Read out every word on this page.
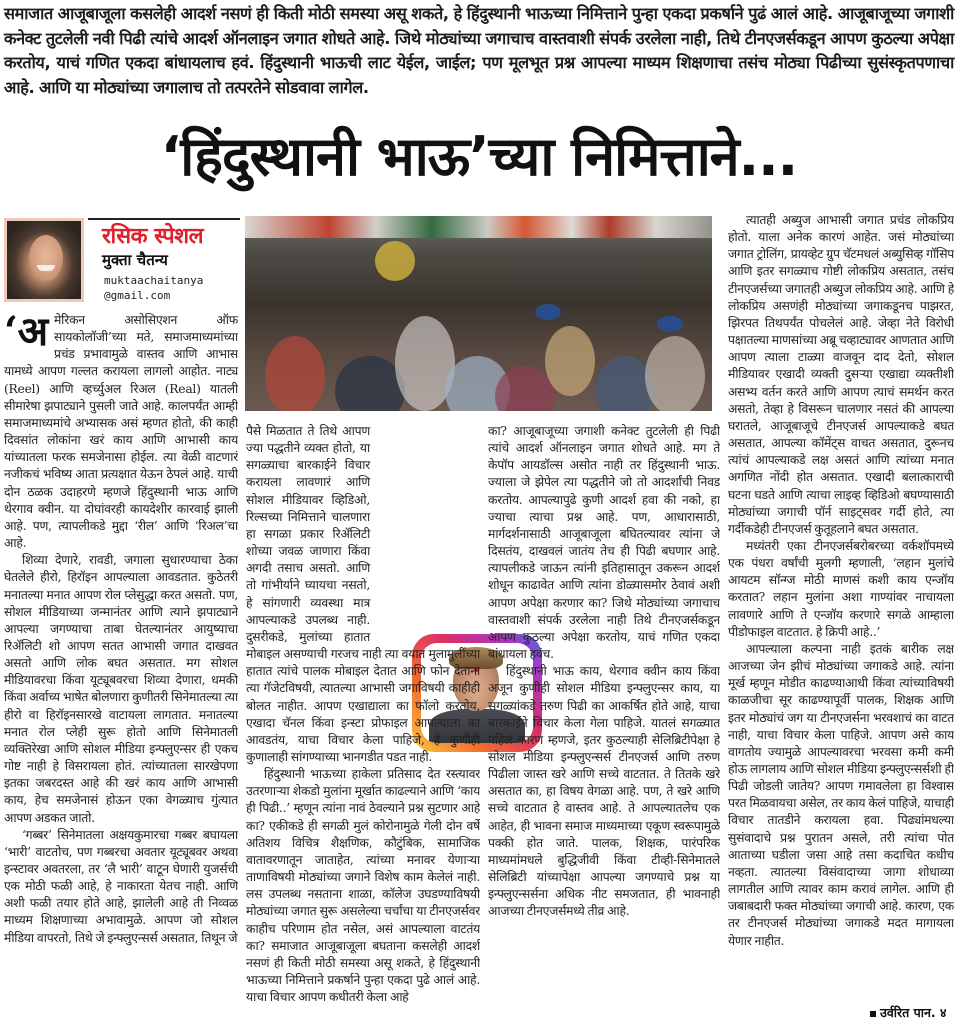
समाजात आजूबाजूला कसलेही आदर्श नसणं ही किती मोठी समस्या असू शकते, हे हिंदुस्थानी भाऊच्या निमित्ताने पुन्हा एकदा प्रकर्षाने पुढं आलं आहे. आजूबाजूच्या जगाशी कनेक्ट तुटलेली नवी पिढी त्यांचे आदर्श ऑनलाइन जगात शोधते आहे. जिथे मोठ्यांच्या जगाचाच वास्तवाशी संपर्क उरलेला नाही, तिथे टीनएजर्सकडून आपण कुठल्या अपेक्षा करतोय, याचं गणित एकदा बांधायलाच हवं. हिंदुस्थानी भाऊची लाट येईल, जाईल; पण मूलभूत प्रश्न आपल्या माध्यम शिक्षणाचा तसंच मोठ्या पिढीच्या सुसंस्कृतपणाचा आहे. आणि या मोठ्यांच्या जगालाच तो तत्परतेने सोडवावा लागेल.
‘हिंदुस्थानी भाऊ’च्या निमित्ताने...
रसिक स्पेशल
मुक्ता चैतन्य
muktaachaitanya
@gmail.com

‘अमेरिकन असोसिएशन ऑफ सायकोलॉजी’च्या मते, समाजमाध्यमांच्या प्रचंड प्रभावामुळे वास्तव आणि आभास यामध्ये आपण गल्लत करायला लागलो आहोत. नाट्य (Reel) आणि व्हर्च्युअल रिअल (Real) यातली सीमारेषा झपाट्याने पुसली जाते आहे. कालपर्यंत आम्ही समाजमाध्यमांचे अभ्यासक असं म्हणत होतो, की काही दिवसांत लोकांना खरं काय आणि आभासी काय यांच्यातला फरक समजेनासा होईल. त्या वेळी वाटणारं नजीकचं भविष्य आता प्रत्यक्षात येऊन ठेपलं आहे. याची दोन ठळक उदाहरणे म्हणजे हिंदुस्थानी भाऊ आणि थेरगाव क्वीन. या दोघांवरही कायदेशीर कारवाई झाली आहे. पण, त्यापलीकडे मुद्दा ‘रील’ आणि ‘रिअल’चा आहे.

शिव्या देणारे, रावडी, जगाला सुधारण्याचा ठेका घेतलेले हीरो, हिरॉइन आपल्याला आवडतात. कुठेतरी मनातल्या मनात आपण रोल प्लेसुद्धा करत असतो. पण, सोशल मीडियाच्या जन्मानंतर आणि त्याने झपाट्याने आपल्या जगण्याचा ताबा घेतल्यानंतर आयुष्याचा रिॲलिटी शो आपण सतत आभासी जगात दाखवत असतो आणि लोक बघत असतात. मग सोशल मीडियावरचा किंवा यूट्यूबवरचा शिव्या देणारा, धमकी किंवा अर्वाच्य भाषेत बोलणारा कुणीतरी सिनेमातल्या त्या हीरो वा हिरॉइनसारखे वाटायला लागतात. मनातल्या मनात रोल प्लेही सुरू होतो आणि सिनेमातली व्यक्तिरेखा आणि सोशल मीडिया इन्फ्लुएन्सर ही एकच गोष्ट नाही हे विसरायला होतं. त्यांच्यातला सारखेपणा इतका जबरदस्त आहे की खरं काय आणि आभासी काय, हेच समजेनासं होऊन एका वेगळ्याच गुंत्यात आपण अडकत जातो.

‘गब्बर’ सिनेमातला अक्षयकुमारचा गब्बर बघायला ‘भारी’ वाटतोच, पण गब्बरचा अवतार यूट्यूबवर अथवा इन्स्टावर अवतरला, तर ‘लै भारी’ वाटून घेणारी युजर्सची एक मोठी फळी आहे, हे नाकारता येतच नाही. आणि अशी फळी तयार होते आहे, झालेली आहे ती निव्वळ माध्यम शिक्षणाच्या अभावामुळे. आपण जो सोशल मीडिया वापरतो, तिथे जे इन्फ्लुएन्सर्स असतात, तिथून जे

पैसे मिळतात ते तिथे आपण ज्या पद्धतीने व्यक्त होतो, या सगळ्याचा बारकाईने विचार करायला लावणारं आणि सोशल मीडियावर व्हिडिओ, रिल्सच्या निमित्ताने चालणारा हा सगळा प्रकार रिॲलिटी शोच्या जवळ जाणारा किंवा अगदी तसाच असतो. आणि तो गांभीर्याने घ्यायचा नसतो, हे सांगणारी व्यवस्था मात्र आपल्याकडे उपलब्ध नाही. दुसरीकडे, मुलांच्या हातात मोबाइल असण्याची गरजच नाही त्या वयात मुलामुलींच्या हातात त्यांचे पालक मोबाइल देतात आणि फोन देताना त्या गॅजेटविषयी, त्यातल्या आभासी जगाविषयी काहीही बोलत नाहीत. आपण एखाद्याला का फॉलो करतोय, एखादा चॅनल किंवा इन्स्टा प्रोफाइल आपल्याला का आवडतंय, याचा विचार केला पाहिजे, हे कुणीही कुणालाही सांगण्याच्या भानगडीत पडत नाही.

हिंदुस्थानी भाऊच्या हाकेला प्रतिसाद देत रस्त्यावर उतरणाऱ्या शेकडो मुलांना मूर्खात काढल्याने आणि ‘काय ही पिढी..’ म्हणून त्यांना नावं ठेवल्याने प्रश्न सुटणार आहे का? एकीकडे ही सगळी मुलं कोरोनामुळे गेली दोन वर्षे अतिशय विचित्र शैक्षणिक, कौटुंबिक, सामाजिक वातावरणातून जाताहेत, त्यांच्या मनावर येणाऱ्या ताणाविषयी मोठ्यांच्या जगाने विशेष काम केलेलं नाही. लस उपलब्ध नसताना शाळा, कॉलेज उघडण्याविषयी मोठ्यांच्या जगात सुरू असलेल्या चर्चांचा या टीनएजर्सवर काहीच परिणाम होत नसेल, असं आपल्याला वाटतंय का? समाजात आजूबाजूला बघताना कसलेही आदर्श नसणं ही किती मोठी समस्या असू शकते, हे हिंदुस्थानी भाऊच्या निमित्ताने प्रकर्षाने पुन्हा एकदा पुढे आलं आहे. याचा विचार आपण कधीतरी केला आहे

का? आजूबाजूच्या जगाशी कनेक्ट तुटलेली ही पिढी त्यांचे आदर्श ऑनलाइन जगात शोधते आहे. मग ते केपॉप आयडॉल्स असोत नाही तर हिंदुस्थानी भाऊ. ज्याला जे झेपेल त्या पद्धतीने जो तो आदर्शांची निवड करतोय. आपल्यापुढे कुणी आदर्श हवा की नको, हा ज्याचा त्याचा प्रश्न आहे. पण, आधारासाठी, मार्गदर्शनासाठी आजूबाजूला बघितल्यावर त्यांना जे दिसतंय, दाखवलं जातंय तेच ही पिढी बघणार आहे. त्यापलीकडे जाऊन त्यांनी इतिहासातून उकरून आदर्श शोधून काढावेत आणि त्यांना डोळ्यासमोर ठेवावं अशी आपण अपेक्षा करणार का? जिथे मोठ्यांच्या जगाचाच वास्तवाशी संपर्क उरलेला नाही तिथे टीनएजर्सकडून आपण कुठल्या अपेक्षा करतोय, याचं गणित एकदा बांधायला हवंच.

हिंदुस्थानी भाऊ काय, थेरगाव क्वीन काय किंवा अजून कुणीही सोशल मीडिया इन्फ्लुएन्सर काय, या सगळ्यांकडे तरुण पिढी का आकर्षित होते आहे, याचा बारकाईने विचार केला गेला पाहिजे. यातलं सगळ्यात पहिलं कारण म्हणजे, इतर कुठल्याही सेलिब्रिटीपेक्षा हे सोशल मीडिया इन्फ्लुएन्सर्स टीनएजर्स आणि तरुण पिढीला जास्त खरे आणि सच्चे वाटतात. ते तितके खरे असतात का, हा विषय वेगळा आहे. पण, ते खरे आणि सच्चे वाटतात हे वास्तव आहे. ते आपल्यातलेच एक आहेत, ही भावना समाज माध्यमाच्या एकूण स्वरूपामुळे पक्की होत जाते. पालक, शिक्षक, पारंपरिक माध्यमांमधले बुद्धिजीवी किंवा टीव्ही-सिनेमातले सेलिब्रिटी यांच्यापेक्षा आपल्या जगण्याचे प्रश्न या इन्फ्लुएन्सर्सना अधिक नीट समजतात, ही भावनाही आजच्या टीनएजर्समध्ये तीव्र आहे.

त्यातही अब्युज आभासी जगात प्रचंड लोकप्रिय होतो. याला अनेक कारणं आहेत. जसं मोठ्यांच्या जगात ट्रोलिंग, प्रायव्हेट ग्रुप चॅटमधलं अब्युसिव्ह गॉसिप आणि इतर सगळ्याच गोष्टी लोकप्रिय असतात, तसंच टीनएजर्सच्या जगातही अब्युज लोकप्रिय आहे. आणि हे लोकप्रिय असणंही मोठ्यांच्या जगाकडूनच पाझरत, झिरपत तिथपर्यंत पोचलेलं आहे. जेव्हा नेते विरोधी पक्षातल्या माणसांच्या अब्रू चव्हाट्यावर आणतात आणि आपण त्याला टाळ्या वाजवून दाद देतो, सोशल मीडियावर एखादी व्यक्ती दुसऱ्या एखाद्या व्यक्तीशी असभ्य वर्तन करते आणि आपण त्याचं समर्थन करत असतो, तेव्हा हे विसरून चालणार नसतं की आपल्या घरातले, आजूबाजूचे टीनएजर्स आपल्याकडे बघत असतात, आपल्या कॉमेंट्स वाचत असतात, दुरूनच त्यांचं आपल्याकडे लक्ष असतं आणि त्यांच्या मनात अगणित नोंदी होत असतात. एखादी बलात्काराची घटना घडते आणि त्याचा लाइव्ह व्हिडिओ बघण्यासाठी मोठ्यांच्या जगाची पॉर्न साइट्सवर गर्दी होते, त्या गर्दीकडेही टीनएजर्स कुतूहलाने बघत असतात.

मध्यंतरी एका टीनएजर्सबरोबरच्या वर्कशॉपमध्ये एक पंधरा वर्षांची मुलगी म्हणाली, ‘लहान मुलांचे आयटम सॉन्ग्ज मोठी माणसं कशी काय एन्जॉय करतात? लहान मुलांना अशा गाण्यांवर नाचायला लावणारे आणि ते एन्जॉय करणारे सगळे आम्हाला पीडोफाइल वाटतात. हे क्रिपी आहे..’

आपल्याला कल्पना नाही इतकं बारीक लक्ष आजच्या जेन झीचं मोठ्यांच्या जगाकडे आहे. त्यांना मूर्ख म्हणून मोडीत काढण्याआधी किंवा त्यांच्याविषयी काळजीचा सूर काढण्यापूर्वी पालक, शिक्षक आणि इतर मोठ्यांचं जग या टीनएजर्सना भरवशाचं का वाटत नाही, याचा विचार केला पाहिजे. आपण असे काय वागतोय ज्यामुळे आपल्यावरचा भरवसा कमी कमी होऊ लागलाय आणि सोशल मीडिया इन्फ्लुएन्सर्सशी ही पिढी जोडली जातेय? आपण गमावलेला हा विश्वास परत मिळवायचा असेल, तर काय केलं पाहिजे, याचाही विचार तातडीने करायला हवा. पिढ्यांमधल्या सुसंवादाचे प्रश्न पुरातन असले, तरी त्यांचा पोत आताच्या घडीला जसा आहे तसा कदाचित कधीच नव्हता. त्यातल्या विसंवादाच्या जागा शोधाव्या लागतील आणि त्यावर काम करावं लागेल. आणि ही जबाबदारी फक्त मोठ्यांच्या जगाची आहे. कारण, एक तर टीनएजर्स मोठ्यांच्या जगाकडे मदत मागायला येणार नाहीत.

उर्वरित पान. ४
